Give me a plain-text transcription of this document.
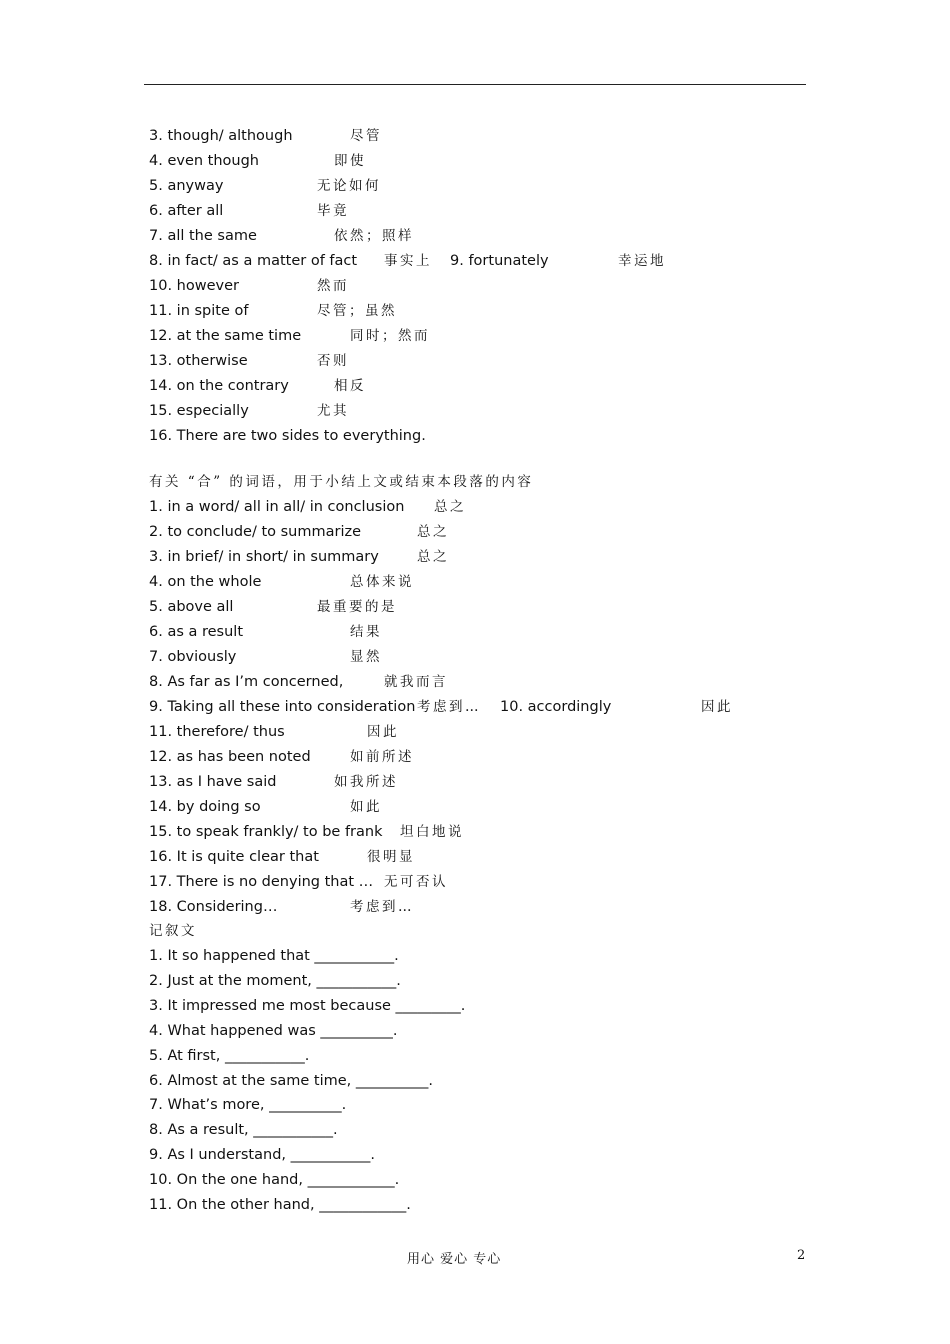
3. though/ although	尽管
4. even though	即使
5. anyway	无论如何
6. after all	毕竟
7. all the same	依然；照样
8. in fact/ as a matter of fact 事实上 9. fortunately	幸运地
10. however	然而
11. in spite of	尽管；虽然
12. at the same time	同时；然而
13. otherwise	否则
14. on the contrary	相反
15. especially	尤其
16. There are two sides to everything.
有关 “合” 的词语，用于小结上文或结束本段落的内容
1. in a word/ all in all/ in conclusion 总之
2. to conclude/ to summarize	总之
3. in brief/ in short/ in summary	总之
4. on the whole	总体来说
5. above all	最重要的是
6. as a result	结果
7. obviously	显然
8. As far as I’m concerned,	就我而言
9. Taking all these into consideration 考虑到… 10. accordingly	因此
11. therefore/ thus	因此
12. as has been noted	如前所述
13. as I have said	如我所述
14. by doing so	如此
15. to speak frankly/ to be frank 坦白地说
16. It is quite clear that	很明显
17. There is no denying that … 无可否认
18. Considering…	考虑到…
记叙文
1. It so happened that ___________.
2. Just at the moment, ___________.
3. It impressed me most because _________.
4. What happened was __________.
5. At first, ___________.
6. Almost at the same time, __________.
7. What’s more, __________.
8. As a result, ___________.
9. As I understand, ___________.
10. On the one hand, ____________.
11. On the other hand, ____________.
用心 爱心 专心	2
